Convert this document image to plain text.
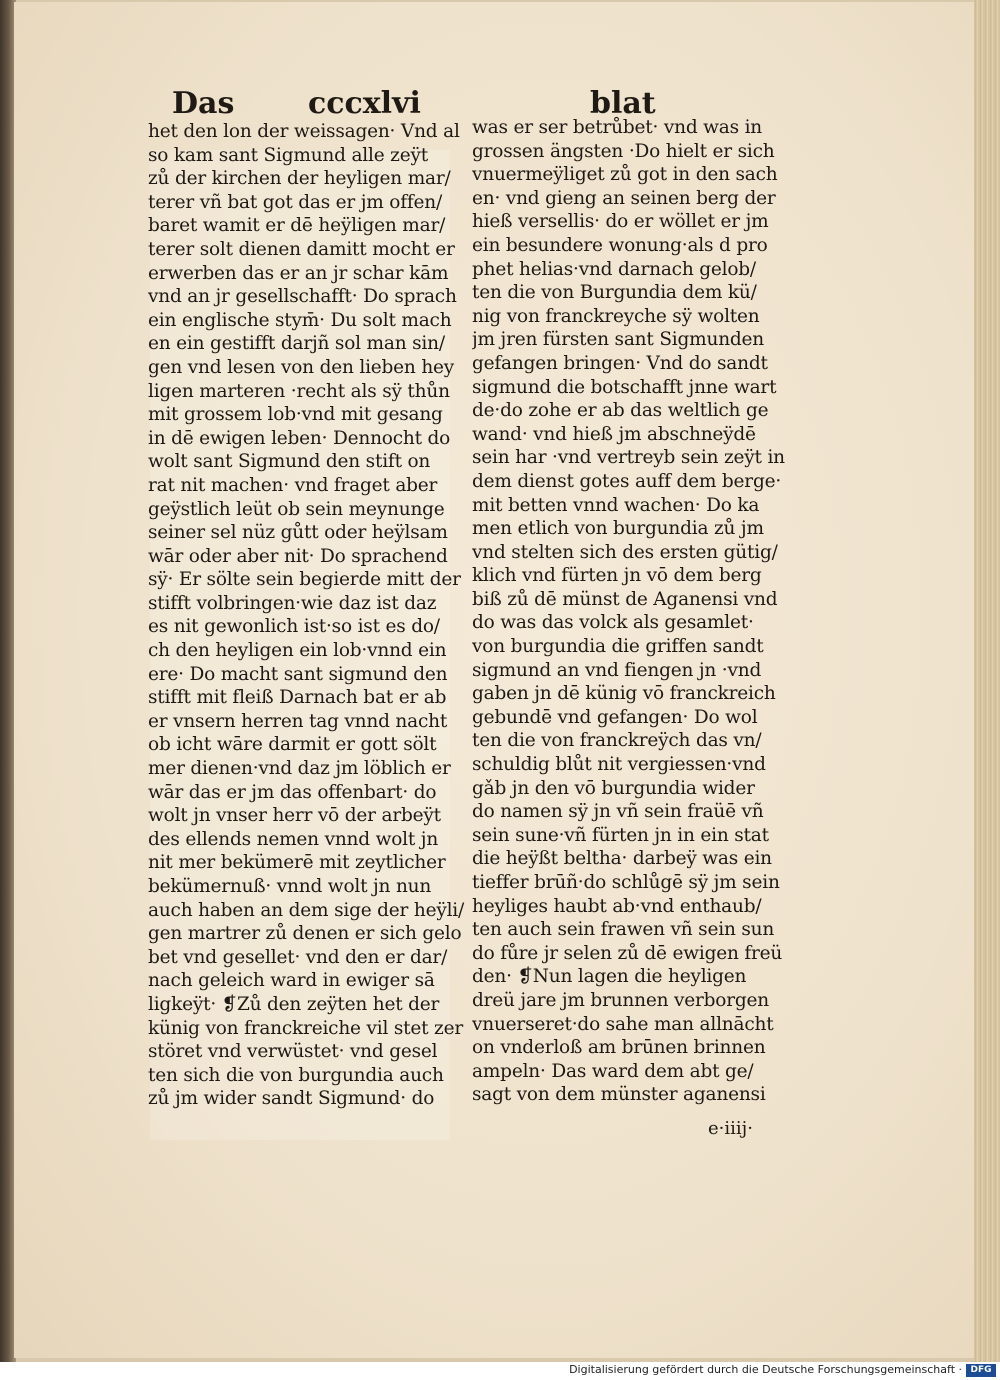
Das cccxlvi	blat
het den lon der weissagen· Vnd al
so kam sant Sigmund alle zeÿt
zů der kirchen der heyligen mar/
terer vñ bat got das er jm offen/
baret wamit er dē heÿligen mar/
terer solt dienen damitt mocht er
erwerben das er an jr schar kām
vnd an jr gesellschafft· Do sprach
ein englische stym̄· Du solt mach
en ein gestifft darjñ sol man sin/
gen vnd lesen von den lieben hey
ligen marteren ·recht als sÿ thůn
mit grossem lob·vnd mit gesang
in dē ewigen leben· Dennocht do
wolt sant Sigmund den stift on
rat nit machen· vnd fraget aber
geÿstlich leüt ob sein meynunge
seiner sel nüz gůtt oder heÿlsam
wār oder aber nit· Do sprachend
sÿ· Er sölte sein begierde mitt der
stifft volbringen·wie daz ist daz
es nit gewonlich ist·so ist es do/
ch den heyligen ein lob·vnnd ein
ere· Do macht sant sigmund den
stifft mit fleiß Darnach bat er ab
er vnsern herren tag vnnd nacht
ob icht wāre darmit er gott sölt
mer dienen·vnd daz jm löblich er
wār das er jm das offenbart· do
wolt jn vnser herr vō der arbeÿt
des ellends nemen vnnd wolt jn
nit mer bekümerē mit zeytlicher
bekümernuß· vnnd wolt jn nun
auch haben an dem sige der heÿli/
gen martrer zů denen er sich gelo
bet vnd gesellet· vnd den er dar/
nach geleich ward in ewiger sā
ligkeÿt· ❡Zů den zeÿten het der
künig von franckreiche vil stet zer
störet vnd verwüstet· vnd gesel
ten sich die von burgundia auch
zů jm wider sandt Sigmund· do
was er ser betrůbet· vnd was in
grossen ängsten ·Do hielt er sich
vnuermeÿliget zů got in den sach
en· vnd gieng an seinen berg der
hieß versellis· do er wöllet er jm
ein besundere wonung·als d pro
phet helias·vnd darnach gelob/
ten die von Burgundia dem kü/
nig von franckreyche sÿ wolten
jm jren fürsten sant Sigmunden
gefangen bringen· Vnd do sandt
sigmund die botschafft jnne wart
de·do zohe er ab das weltlich ge
wand· vnd hieß jm abschneÿdē
sein har ·vnd vertreyb sein zeÿt in
dem dienst gotes auff dem berge·
mit betten vnnd wachen· Do ka
men etlich von burgundia zů jm
vnd stelten sich des ersten gütig/
klich vnd fürten jn vō dem berg
biß zů dē münst de Aganensi vnd
do was das volck als gesamlet·
von burgundia die griffen sandt
sigmund an vnd fiengen jn ·vnd
gaben jn dē künig vō franckreich
gebundē vnd gefangen· Do wol
ten die von franckreÿch das vn/
schuldig blůt nit vergiessen·vnd
gǎb jn den vō burgundia wider
do namen sÿ jn vñ sein fraüē vñ
sein sune·vñ fürten jn in ein stat
die heÿßt beltha· darbeÿ was ein
tieffer brūñ·do schlůgē sÿ jm sein
heyliges haubt ab·vnd enthaub/
ten auch sein frawen vñ sein sun
do fůre jr selen zů dē ewigen freü
den· ❡Nun lagen die heyligen
dreü jare jm brunnen verborgen
vnuerseret·do sahe man allnācht
on vnderloß am brūnen brinnen
ampeln· Das ward dem abt ge/
sagt von dem münster aganensi
e·iiij·
Digitalisierung gefördert durch die Deutsche Forschungsgemeinschaft · DFG
